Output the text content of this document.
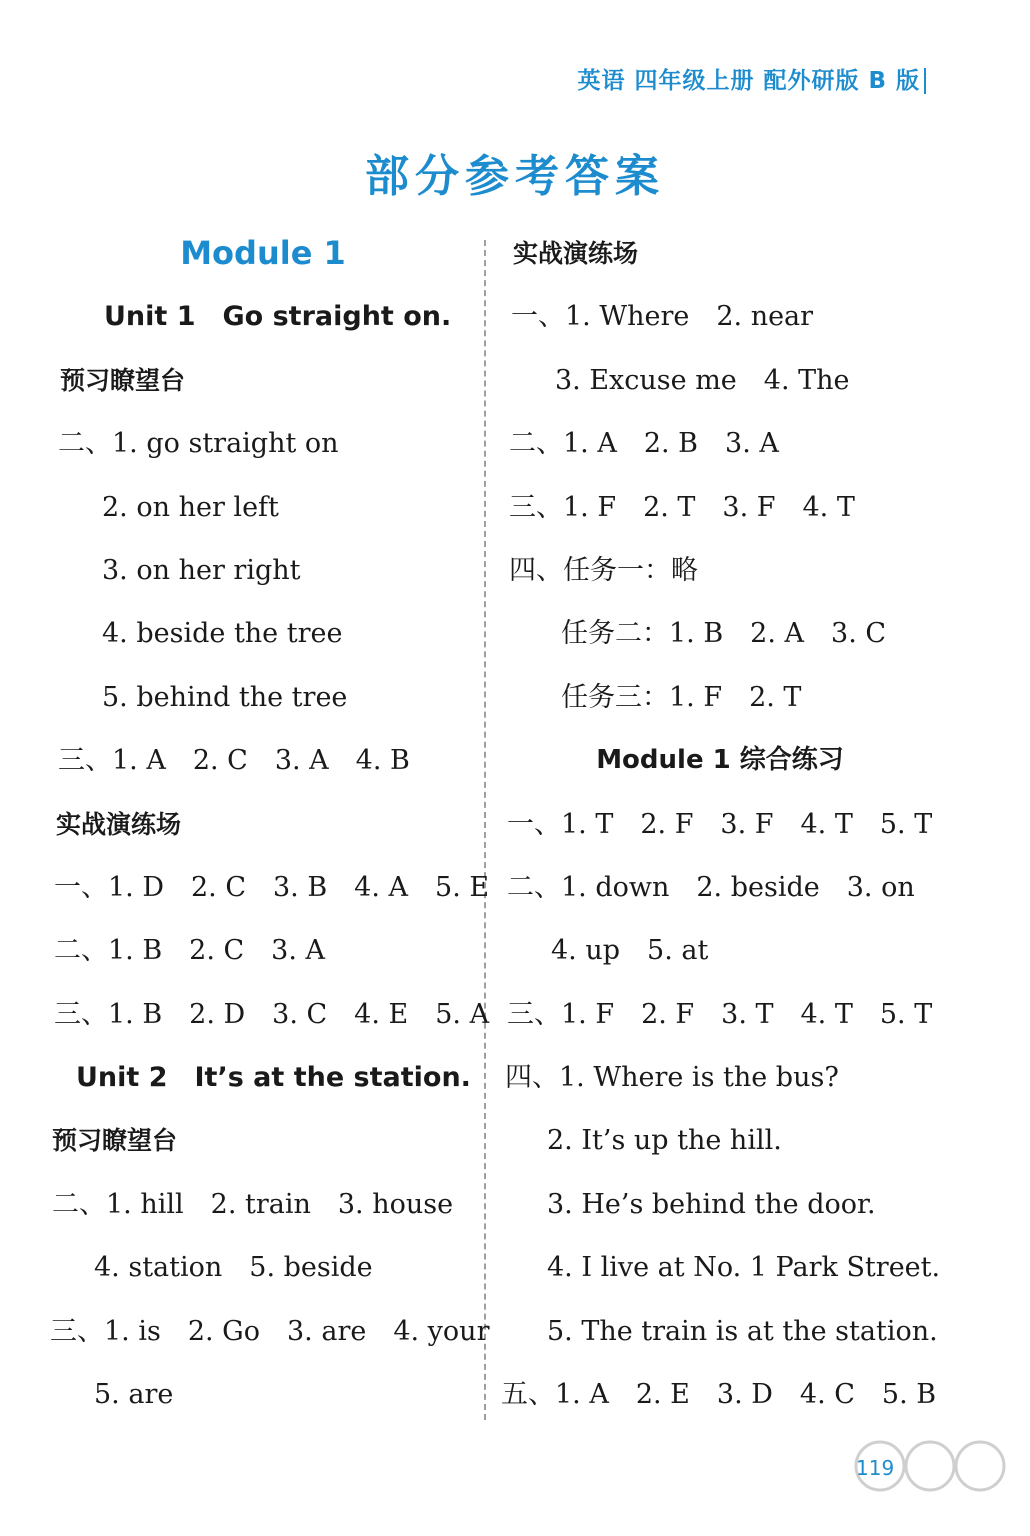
英语 四年级上册 配外研版 B 版
部分参考答案
Module 1
Unit 1　Go straight on.
预习瞭望台
二、1. go straight on
2. on her left
3. on her right
4. beside the tree
5. behind the tree
三、1. A　2. C　3. A　4. B
实战演练场
一、1. D　2. C　3. B　4. A　5. E
二、1. B　2. C　3. A
三、1. B　2. D　3. C　4. E　5. A
Unit 2　It’s at the station.
预习瞭望台
二、1. hill　2. train　3. house
4. station　5. beside
三、1. is　2. Go　3. are　4. your
5. are
实战演练场
一、1. Where　2. near
3. Excuse me　4. The
二、1. A　2. B　3. A
三、1. F　2. T　3. F　4. T
四、任务一：略
任务二：1. B　2. A　3. C
任务三：1. F　2. T
Module 1 综合练习
一、1. T　2. F　3. F　4. T　5. T
二、1. down　2. beside　3. on
4. up　5. at
三、1. F　2. F　3. T　4. T　5. T
四、1. Where is the bus?
2. It’s up the hill.
3. He’s behind the door.
4. I live at No. 1 Park Street.
5. The train is at the station.
五、1. A　2. E　3. D　4. C　5. B
119
